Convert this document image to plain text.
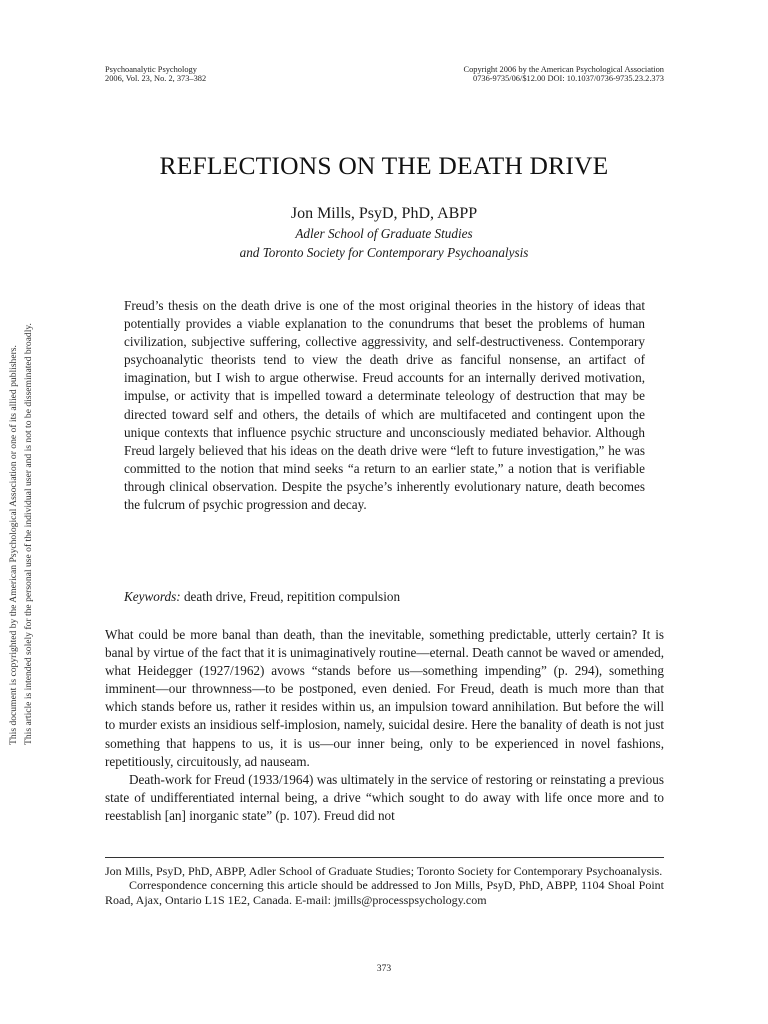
Psychoanalytic Psychology
2006, Vol. 23, No. 2, 373–382
Copyright 2006 by the American Psychological Association
0736-9735/06/$12.00 DOI: 10.1037/0736-9735.23.2.373
REFLECTIONS ON THE DEATH DRIVE
Jon Mills, PsyD, PhD, ABPP
Adler School of Graduate Studies
and Toronto Society for Contemporary Psychoanalysis
Freud’s thesis on the death drive is one of the most original theories in the history of ideas that potentially provides a viable explanation to the conundrums that beset the problems of human civilization, subjective suffering, collective aggressivity, and self-destructiveness. Contemporary psychoanalytic theorists tend to view the death drive as fanciful nonsense, an artifact of imagination, but I wish to argue otherwise. Freud accounts for an internally derived motivation, impulse, or activity that is impelled toward a determinate teleology of destruction that may be directed toward self and others, the details of which are multifaceted and contingent upon the unique contexts that influence psychic structure and unconsciously mediated behavior. Although Freud largely believed that his ideas on the death drive were “left to future investigation,” he was committed to the notion that mind seeks “a return to an earlier state,” a notion that is verifiable through clinical observation. Despite the psyche’s inherently evolutionary nature, death becomes the fulcrum of psychic progression and decay.
Keywords: death drive, Freud, repitition compulsion

What could be more banal than death, than the inevitable, something predictable, utterly certain? It is banal by virtue of the fact that it is unimaginatively routine—eternal. Death cannot be waved or amended, what Heidegger (1927/1962) avows “stands before us—something impending” (p. 294), something imminent—our thrownness—to be postponed, even denied. For Freud, death is much more than that which stands before us, rather it resides within us, an impulsion toward annihilation. But before the will to murder exists an insidious self-implosion, namely, suicidal desire. Here the banality of death is not just something that happens to us, it is us—our inner being, only to be experienced in novel fashions, repetitiously, circuitously, ad nauseam.

Death-work for Freud (1933/1964) was ultimately in the service of restoring or reinstating a previous state of undifferentiated internal being, a drive “which sought to do away with life once more and to reestablish [an] inorganic state” (p. 107). Freud did not

This document is copyrighted by the American Psychological Association or one of its allied publishers. This article is intended solely for the personal use of the individual user and is not to be disseminated broadly.

Jon Mills, PsyD, PhD, ABPP, Adler School of Graduate Studies; Toronto Society for Contemporary Psychoanalysis.

Correspondence concerning this article should be addressed to Jon Mills, PsyD, PhD, ABPP, 1104 Shoal Point Road, Ajax, Ontario L1S 1E2, Canada. E-mail: jmills@processpsychology.com

373
